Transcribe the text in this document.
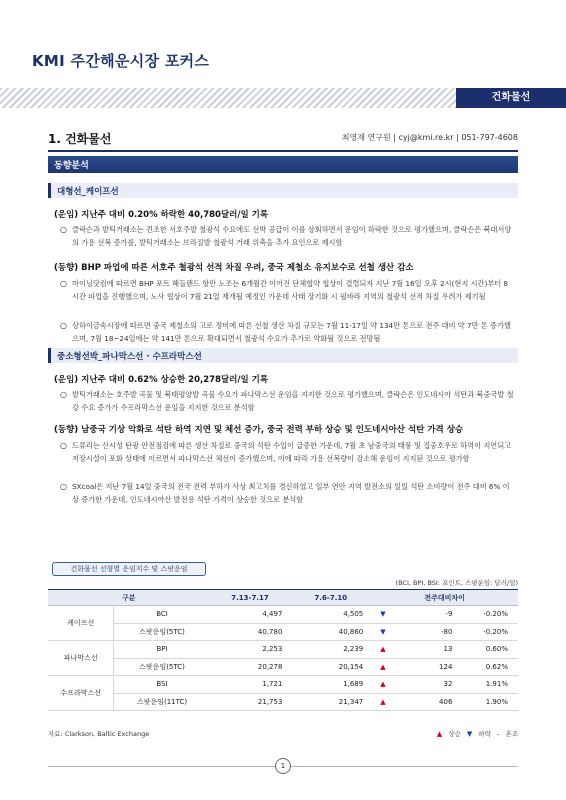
KMI 주간해운시장 포커스
건화물선
1. 건화물선	최영재 연구원 | cyj@kmi.re.kr | 051-797-4608
동향분석
대형선_케이프선
(운임) 지난주 대비 0.20% 하락한 40,780달러/일 기록
○ 클락슨과 발틱거래소는 견조한 서호주발 철광석 수요에도 선박 공급이 이를 상회하면서 운임이 하락한 것으로 평가했으며, 클락슨은 북대서양의 가용 선복 증가를, 발틱거래소는 브라질발 철광석 거래 위축을 추가 요인으로 제시함
(동향) BHP 파업에 따른 서호주 철광석 선적 차질 우려, 중국 제철소 유지보수로 선철 생산 감소
○ 마이닝닷컴에 따르면 BHP 포트 헤들랜드 항만 노조는 6개월간 이어진 단체협약 협상이 결렬되자 지난 7월 16일 오후 2시(현지 시간)부터 8시간 파업을 진행했으며, 노사 협상이 7월 21일 재개될 예정인 가운데 사태 장기화 시 필바라 지역의 철광석 선적 차질 우려가 제기됨
○ 상하이금속시장에 따르면 중국 제철소의 고로 정비에 따른 선철 생산 차질 규모는 7월 11-17일 약 134만 톤으로 전주 대비 약 7만 톤 증가했으며, 7월 18~24일에는 약 141만 톤으로 확대되면서 철광석 수요가 추가로 약화될 것으로 전망됨
중소형선박_파나막스선 · 수프라막스선
(운임) 지난주 대비 0.62% 상승한 20,278달러/일 기록
○ 발틱거래소는 호주발 곡물 및 북태평양발 곡물 수요가 파나막스선 운임을 지지한 것으로 평가했으며, 클락슨은 인도네시아 석탄과 북중국발 철강 수요 증가가 수프라막스선 운임을 지지한 것으로 분석함
(동향) 남중국 기상 악화로 석탄 하역 지연 및 체선 증가, 중국 전력 부하 상승 및 인도네시아산 석탄 가격 상승
○ 드류리는 산시성 탄광 안전점검에 따른 생산 차질로 중국의 석탄 수입이 급증한 가운데, 7월 초 남중국의 태풍 및 집중호우로 하역이 지연되고 저장시설이 포화 상태에 이르면서 파나막스선 체선이 증가했으며, 이에 따라 가용 선복량이 감소해 운임이 지지된 것으로 평가함
○ SXcoal은 지난 7월 14일 중국의 전국 전력 부하가 사상 최고치를 경신하였고 일부 연안 지역 발전소의 일일 석탄 소비량이 전주 대비 6% 이상 증가한 가운데, 인도네시아산 발전용 석탄 가격이 상승한 것으로 분석함
건화물선 선형별 운임지수 및 스팟운임
(BCI, BPI, BSI: 포인트, 스팟운임: 달러/일)
구분		7.13-7.17	7.6-7.10	전주대비차이		
케이프선	BCI	4,497	4,505	▼	-9	-0.20%
	스팟운임(5TC)	40,780	40,860	▼	-80	-0.20%
파나막스선	BPI	2,253	2,239	▲	13	0.60%
	스팟운임(5TC)	20,278	20,154	▲	124	0.62%
수프라막스선	BSI	1,721	1,689	▲	32	1.91%
	스팟운임(11TC)	21,753	21,347	▲	406	1.90%
자료: Clarkson, Baltic Exchange	▲ 상승 ▼ 하락 - 혼조
1
